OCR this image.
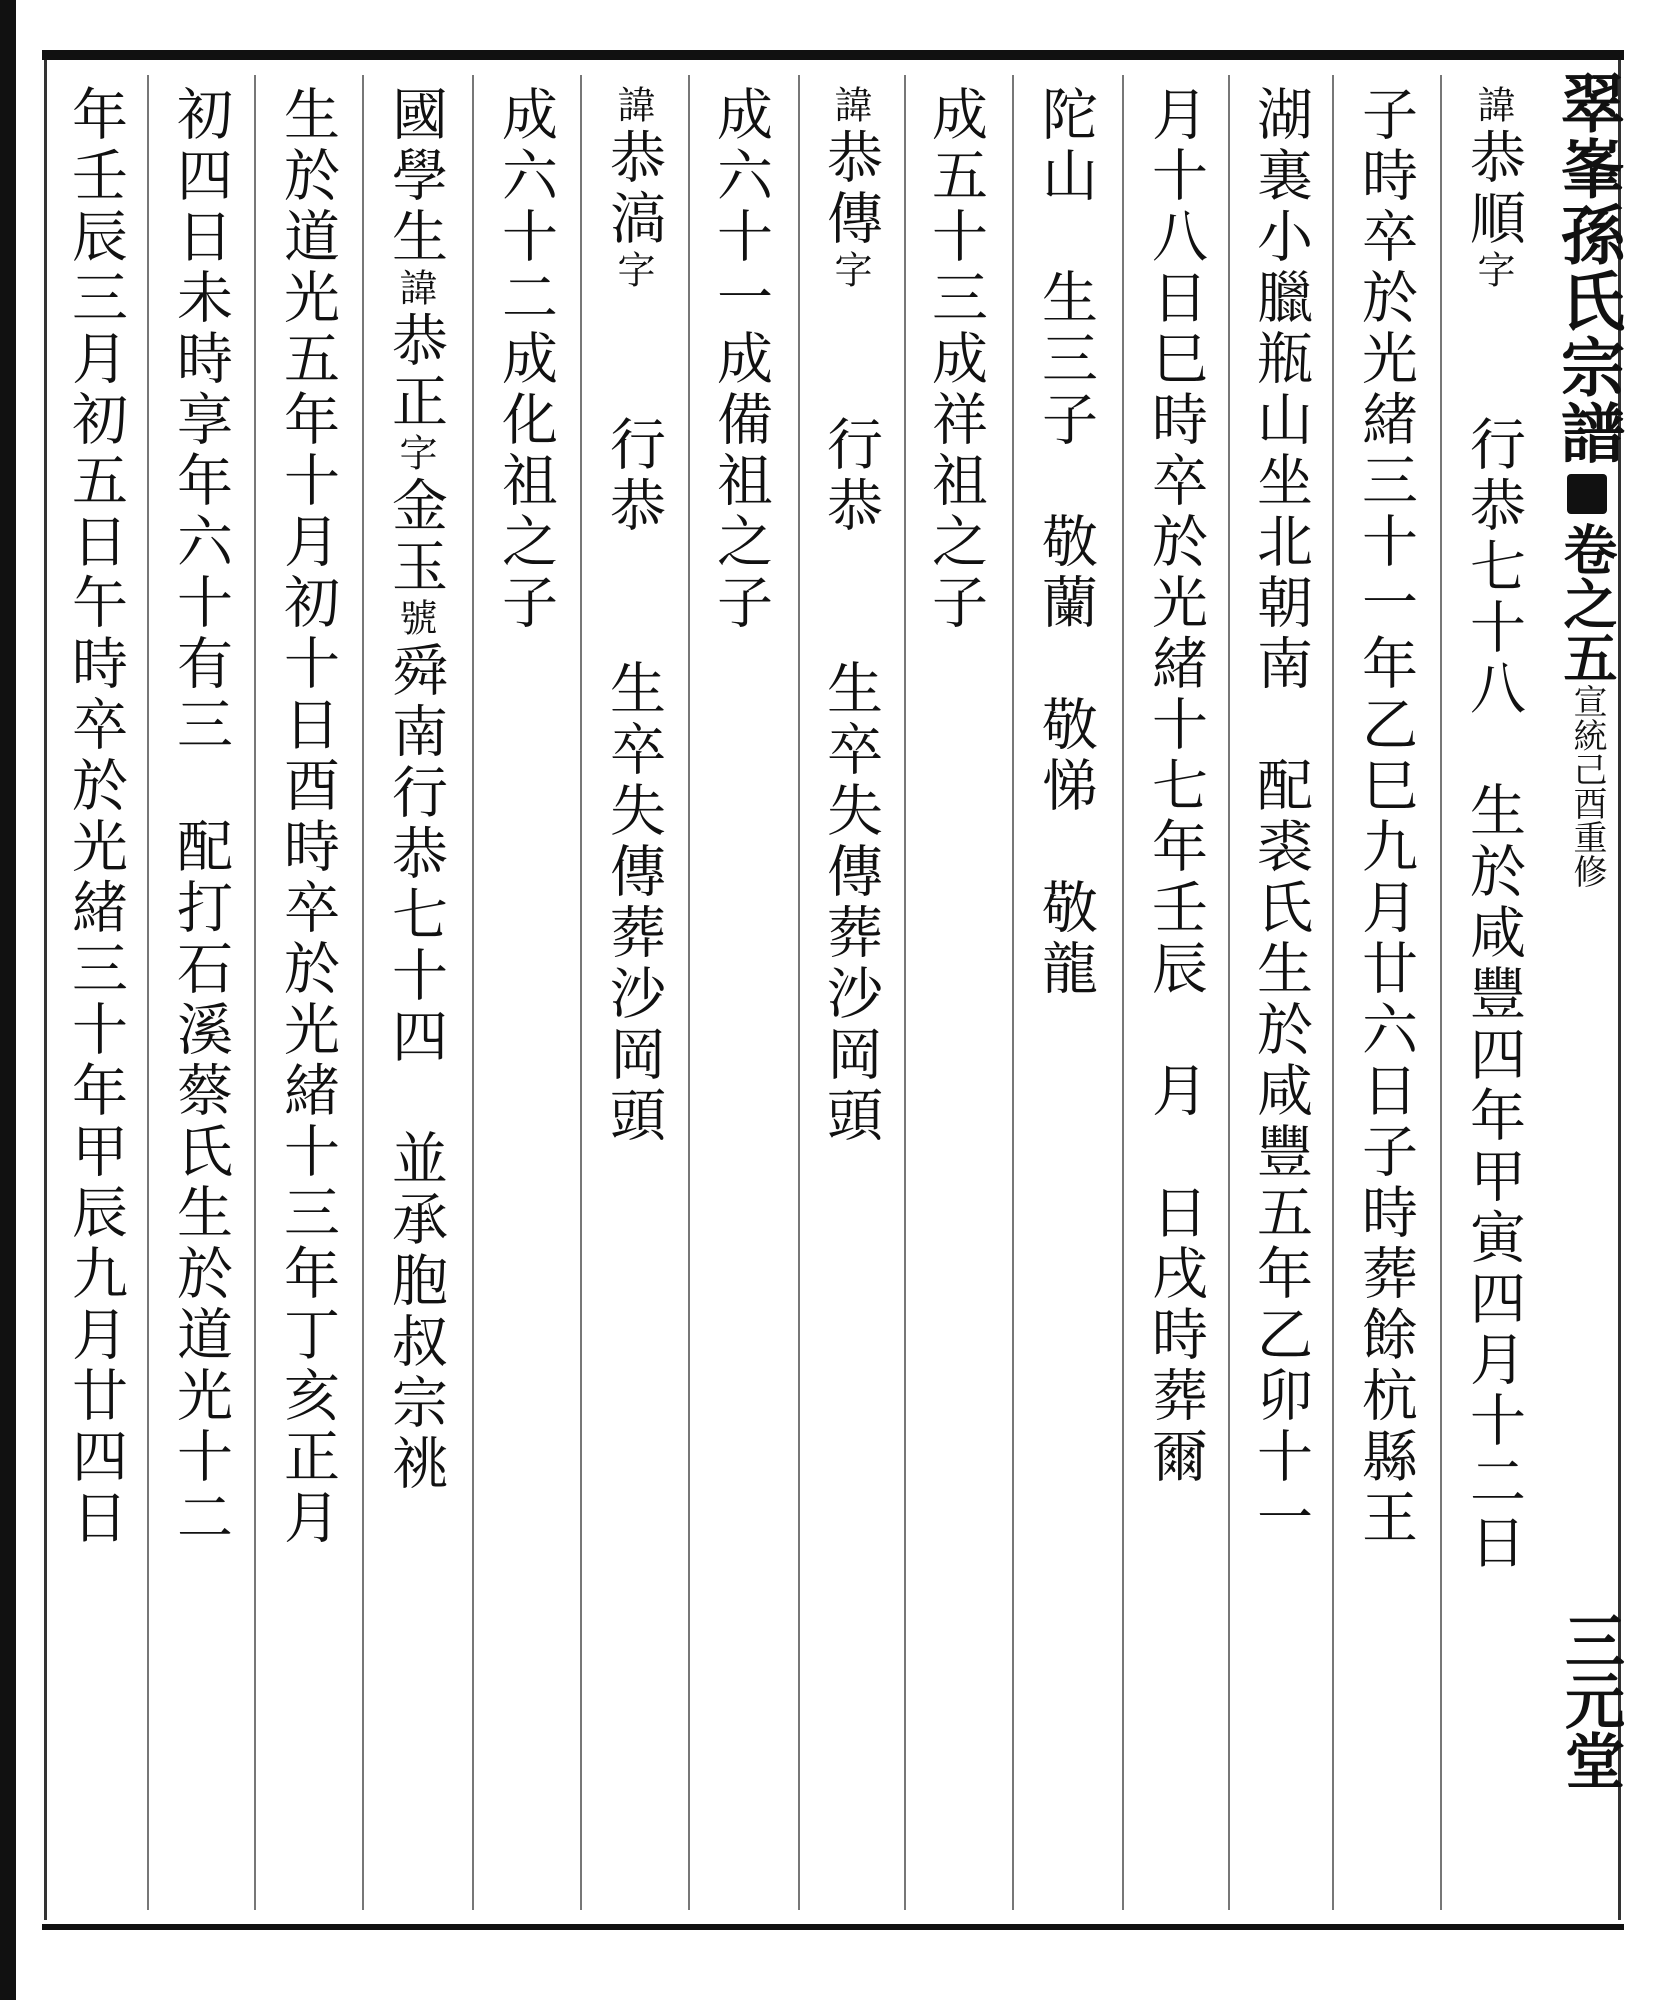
翠峯孫氏宗譜卷之五宣統己酉重修
三元堂
諱恭順字　　行恭七十八　生於咸豐四年甲寅四月十二日
子時卒於光緒三十一年乙巳九月廿六日子時葬餘杭縣王
湖裏小臘瓶山坐北朝南　配裘氏生於咸豐五年乙卯十一
月十八日巳時卒於光緒十七年壬辰　月　日戌時葬爾
陀山　生三子　敬蘭　敬悌　敬龍
成五十三成祥祖之子
諱恭傳字　　行恭　　生卒失傳葬沙岡頭
成六十一成備祖之子
諱恭滈字　　行恭　　生卒失傳葬沙岡頭
成六十二成化祖之子
國學生諱恭正字金玉號舜南行恭七十四　並承胞叔宗祧
生於道光五年十月初十日酉時卒於光緒十三年丁亥正月
初四日未時享年六十有三　配打石溪蔡氏生於道光十二
年壬辰三月初五日午時卒於光緒三十年甲辰九月廿四日
